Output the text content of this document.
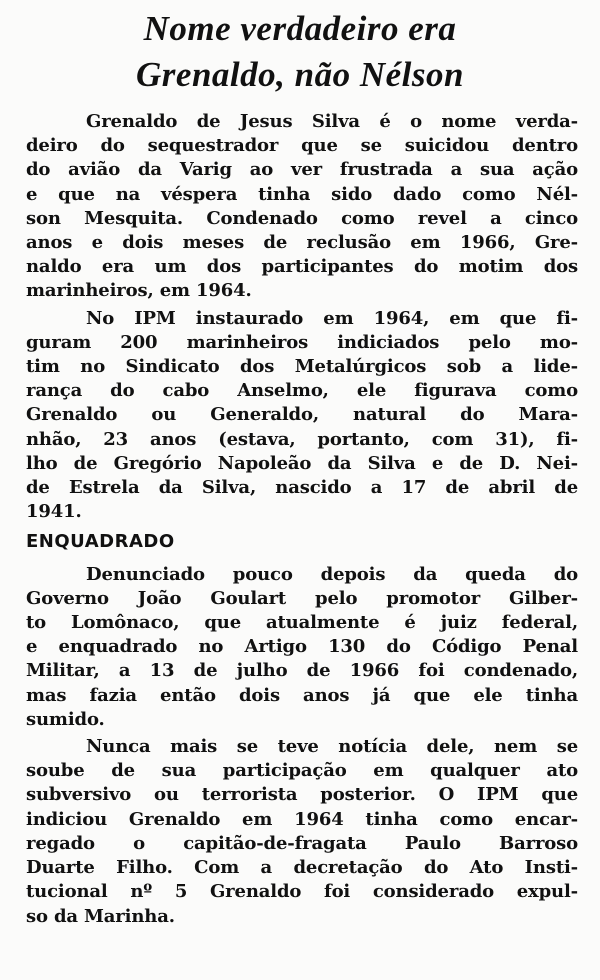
Nome verdadeiro era
Grenaldo, não Nélson
Grenaldo de Jesus Silva é o nome verda-
deiro do sequestrador que se suicidou dentro
do avião da Varig ao ver frustrada a sua ação
e que na véspera tinha sido dado como Nél-
son Mesquita. Condenado como revel a cinco
anos e dois meses de reclusão em 1966, Gre-
naldo era um dos participantes do motim dos
marinheiros, em 1964.
No IPM instaurado em 1964, em que fi-
guram 200 marinheiros indiciados pelo mo-
tim no Sindicato dos Metalúrgicos sob a lide-
rança do cabo Anselmo, ele figurava como
Grenaldo ou Generaldo, natural do Mara-
nhão, 23 anos (estava, portanto, com 31), fi-
lho de Gregório Napoleão da Silva e de D. Nei-
de Estrela da Silva, nascido a 17 de abril de
1941.
ENQUADRADO
Denunciado pouco depois da queda do
Governo João Goulart pelo promotor Gilber-
to Lomônaco, que atualmente é juiz federal,
e enquadrado no Artigo 130 do Código Penal
Militar, a 13 de julho de 1966 foi condenado,
mas fazia então dois anos já que ele tinha
sumido.
Nunca mais se teve notícia dele, nem se
soube de sua participação em qualquer ato
subversivo ou terrorista posterior. O IPM que
indiciou Grenaldo em 1964 tinha como encar-
regado o capitão-de-fragata Paulo Barroso
Duarte Filho. Com a decretação do Ato Insti-
tucional nº 5 Grenaldo foi considerado expul-
so da Marinha.
